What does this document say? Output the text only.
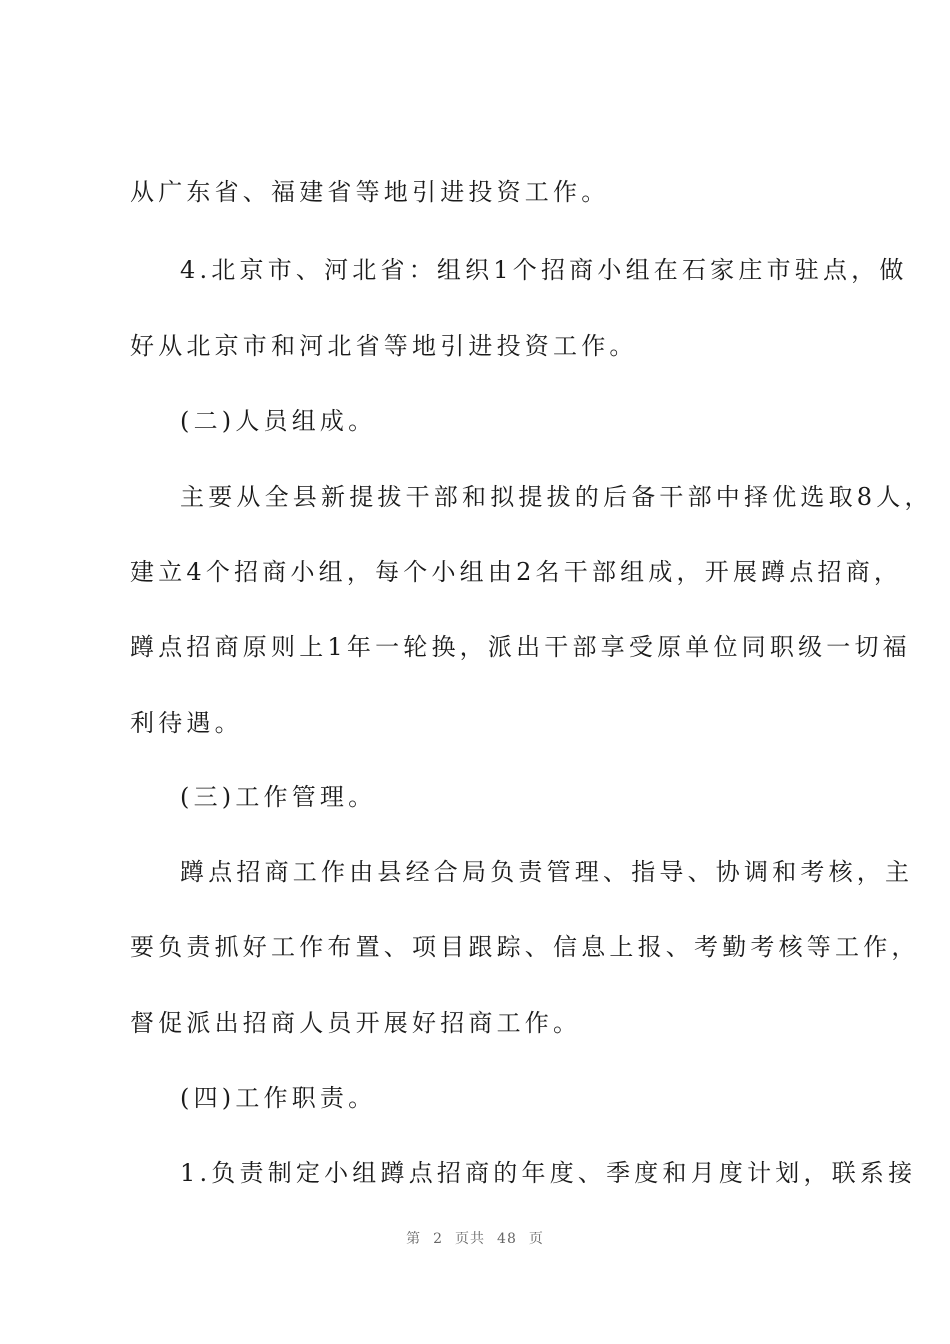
从广东省、福建省等地引进投资工作。
4.北京市、河北省：组织1个招商小组在石家庄市驻点，做
好从北京市和河北省等地引进投资工作。
(二)人员组成。
主要从全县新提拔干部和拟提拔的后备干部中择优选取8人，
建立4个招商小组，每个小组由2名干部组成，开展蹲点招商，
蹲点招商原则上1年一轮换，派出干部享受原单位同职级一切福
利待遇。
(三)工作管理。
蹲点招商工作由县经合局负责管理、指导、协调和考核，主
要负责抓好工作布置、项目跟踪、信息上报、考勤考核等工作，
督促派出招商人员开展好招商工作。
(四)工作职责。
1.负责制定小组蹲点招商的年度、季度和月度计划，联系接
第 2 页共 48 页
